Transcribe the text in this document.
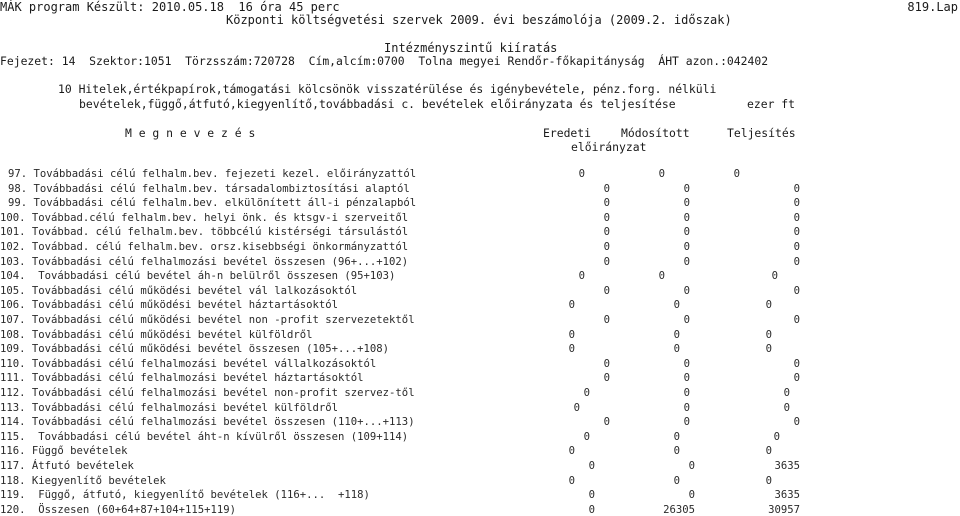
MÁK program Készült: 2010.05.18  16 óra 45 perc	819.Lap
Központi költségvetési szervek 2009. évi beszámolója (2009.2. időszak)
Intézményszintű kiíratás
Fejezet: 14  Szektor:1051  Törzsszám:720728  Cím,alcím:0700  Tolna megyei Rendőr-főkapitányság  ÁHT azon.:042402
10 Hitelek,értékpapírok,támogatási kölcsönök visszatérülése és igénybevétele, pénz.forg. nélküli
bevételek,függő,átfutó,kiegyenlítő,továbbadási c. bevételek előirányzata és teljesítése	ezer ft
M e g n e v e z é s	Eredeti	Módosított	Teljesítés
előirányzat
97. Továbbadási célú felhalm.bev. fejezeti kezel. előirányzattól	0	0	0
98. Továbbadási célú felhalm.bev. társadalombiztosítási alaptól	0	0	0
99. Továbbadási célú felhalm.bev. elkülönített áll-i pénzalapból	0	0	0
100. Továbbad.célú felhalm.bev. helyi önk. és ktsgv-i szerveitől	0	0	0
101. Továbbad. célú felhalm.bev. többcélú kistérségi társulástól	0	0	0
102. Továbbad. célú felhalm.bev. orsz.kisebbségi önkormányzattól	0	0	0
103. Továbbadási célú felhalmozási bevétel összesen (96+...+102)	0	0	0
104.  Továbbadási célú bevétel áh-n belülről összesen (95+103)	0	0	0
105. Továbbadási célú működési bevétel vál lalkozásoktól	0	0	0
106. Továbbadási célú működési bevétel háztartásoktól	0	0	0
107. Továbbadási célú működési bevétel non -profit szervezetektől	0	0	0
108. Továbbadási célú működési bevétel külföldről	0	0	0
109. Továbbadási célú működési bevétel összesen (105+...+108)	0	0	0
110. Továbbadási célú felhalmozási bevétel vállalkozásoktól	0	0	0
111. Továbbadási célú felhalmozási bevétel háztartásoktól	0	0	0
112. Továbbadási célú felhalmozási bevétel non-profit szervez-től	0	0	0
113. Továbbadási célú felhalmozási bevétel külföldről	0	0	0
114. Továbbadási célú felhalmozási bevétel összesen (110+...+113)	0	0	0
115.  Továbbadási célú bevétel áht-n kívülről összesen (109+114)	0	0	0
116. Függő bevételek	0	0	0
117. Átfutó bevételek	0	0	3635
118. Kiegyenlítő bevételek	0	0	0
119.  Függő, átfutó, kiegyenlítő bevételek (116+...  +118)	0	0	3635
120.  Összesen (60+64+87+104+115+119)	0	26305	30957
